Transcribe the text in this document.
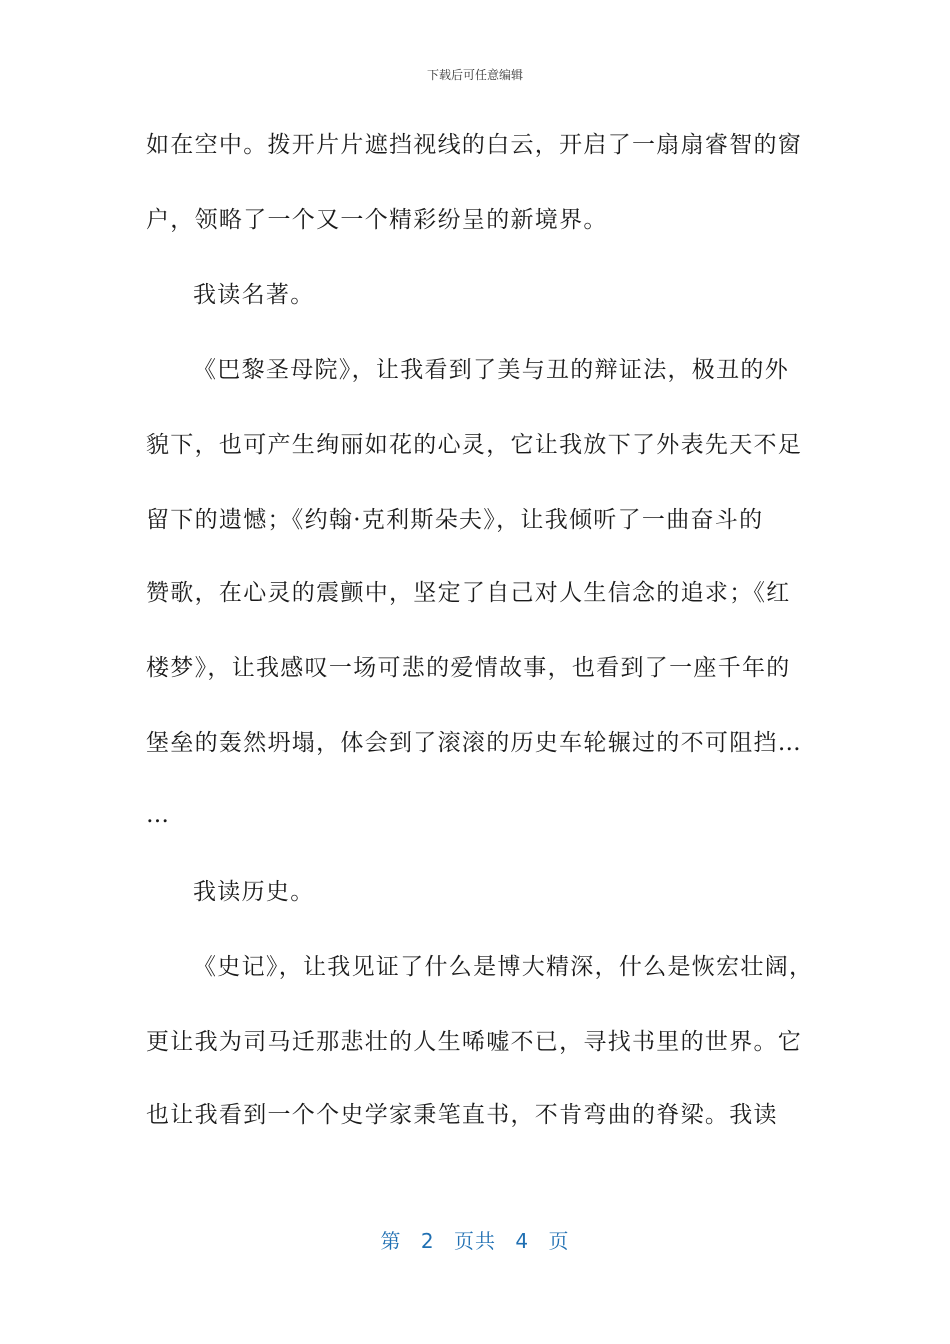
下载后可任意编辑
如在空中。拨开片片遮挡视线的白云，开启了一扇扇睿智的窗
户，领略了一个又一个精彩纷呈的新境界。
我读名著。
《巴黎圣母院》，让我看到了美与丑的辩证法，极丑的外
貌下，也可产生绚丽如花的心灵，它让我放下了外表先天不足
留下的遗憾；《约翰·克利斯朵夫》，让我倾听了一曲奋斗的
赞歌，在心灵的震颤中，坚定了自己对人生信念的追求；《红
楼梦》，让我感叹一场可悲的爱情故事，也看到了一座千年的
堡垒的轰然坍塌，体会到了滚滚的历史车轮辗过的不可阻挡…
…
我读历史。
《史记》，让我见证了什么是博大精深，什么是恢宏壮阔，
更让我为司马迁那悲壮的人生唏嘘不已，寻找书里的世界。它
也让我看到一个个史学家秉笔直书，不肯弯曲的脊梁。我读
第 2 页共 4 页
